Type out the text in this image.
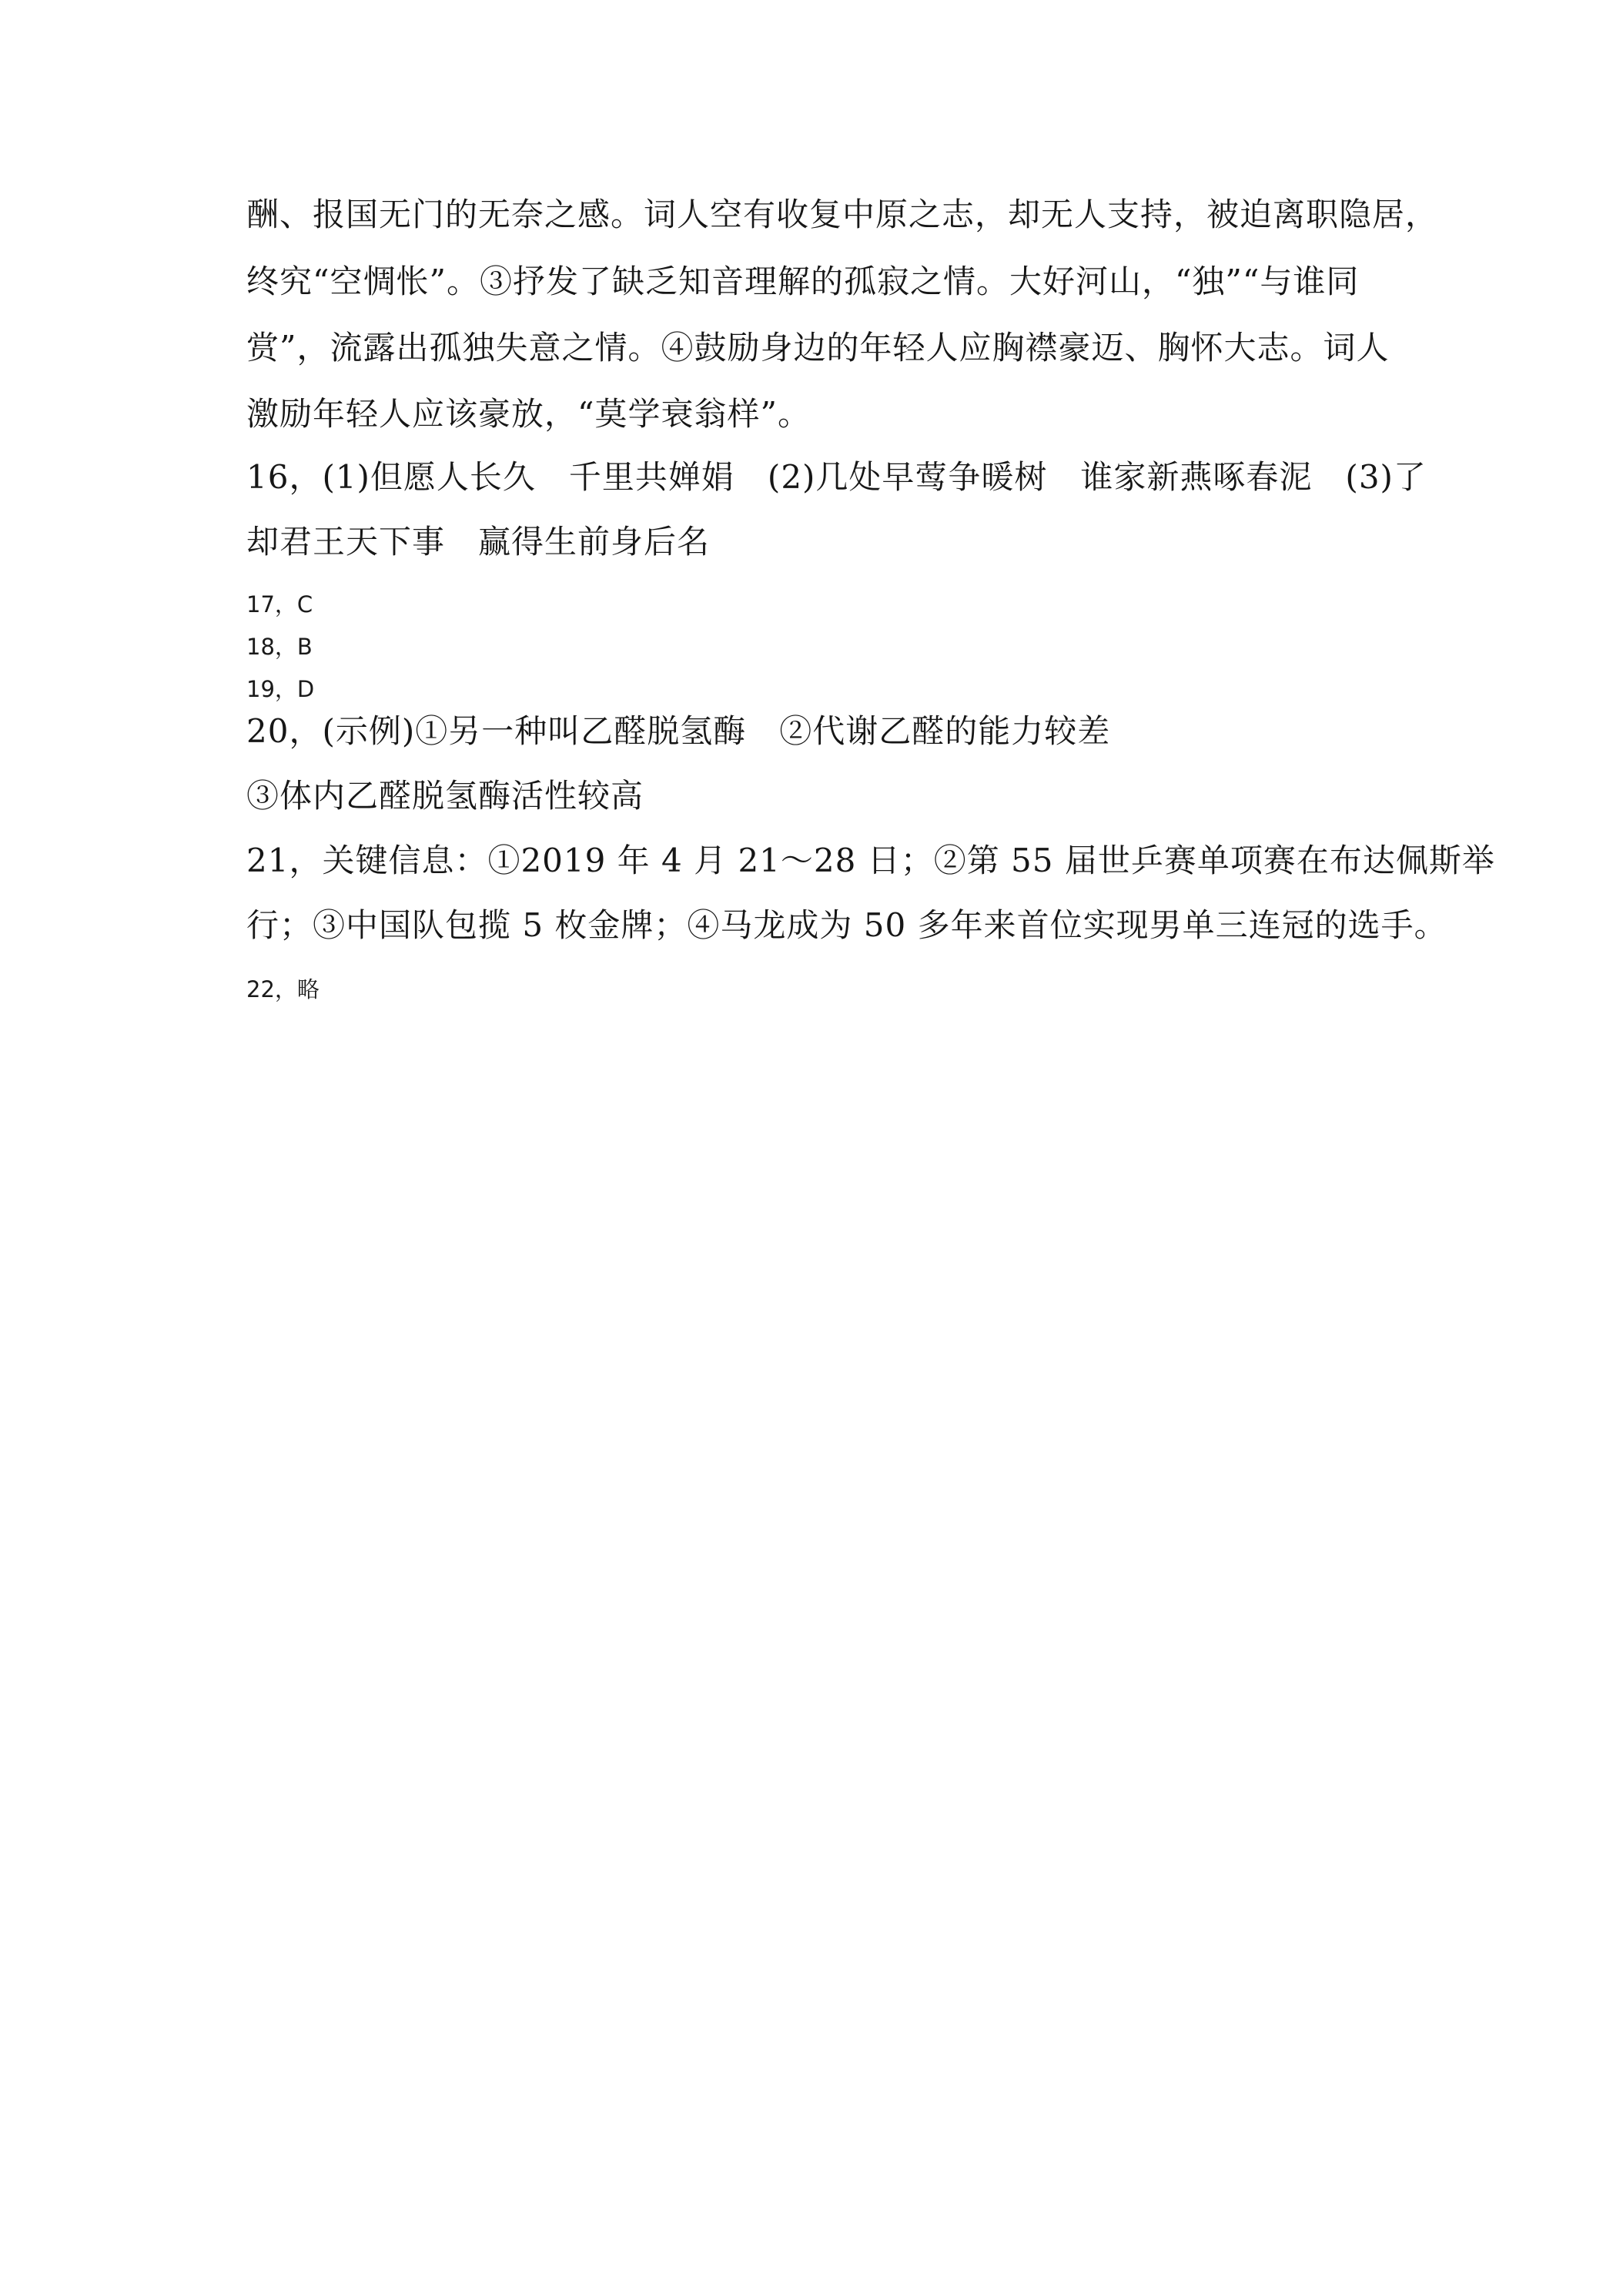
酬、报国无门的无奈之感。词人空有收复中原之志，却无人支持，被迫离职隐居，
终究“空惆怅”。③抒发了缺乏知音理解的孤寂之情。大好河山，“独”“与谁同
赏”，流露出孤独失意之情。④鼓励身边的年轻人应胸襟豪迈、胸怀大志。词人
激励年轻人应该豪放，“莫学衰翁样”。
16，(1)但愿人长久　千里共婵娟　(2)几处早莺争暖树　谁家新燕啄春泥　(3)了
却君王天下事　赢得生前身后名
17，C
18，B
19，D
20，(示例)①另一种叫乙醛脱氢酶　②代谢乙醛的能力较差
③体内乙醛脱氢酶活性较高
21，关键信息：①2019 年 4 月 21～28 日；②第 55 届世乒赛单项赛在布达佩斯举
行；③中国队包揽 5 枚金牌；④马龙成为 50 多年来首位实现男单三连冠的选手。
22，略
